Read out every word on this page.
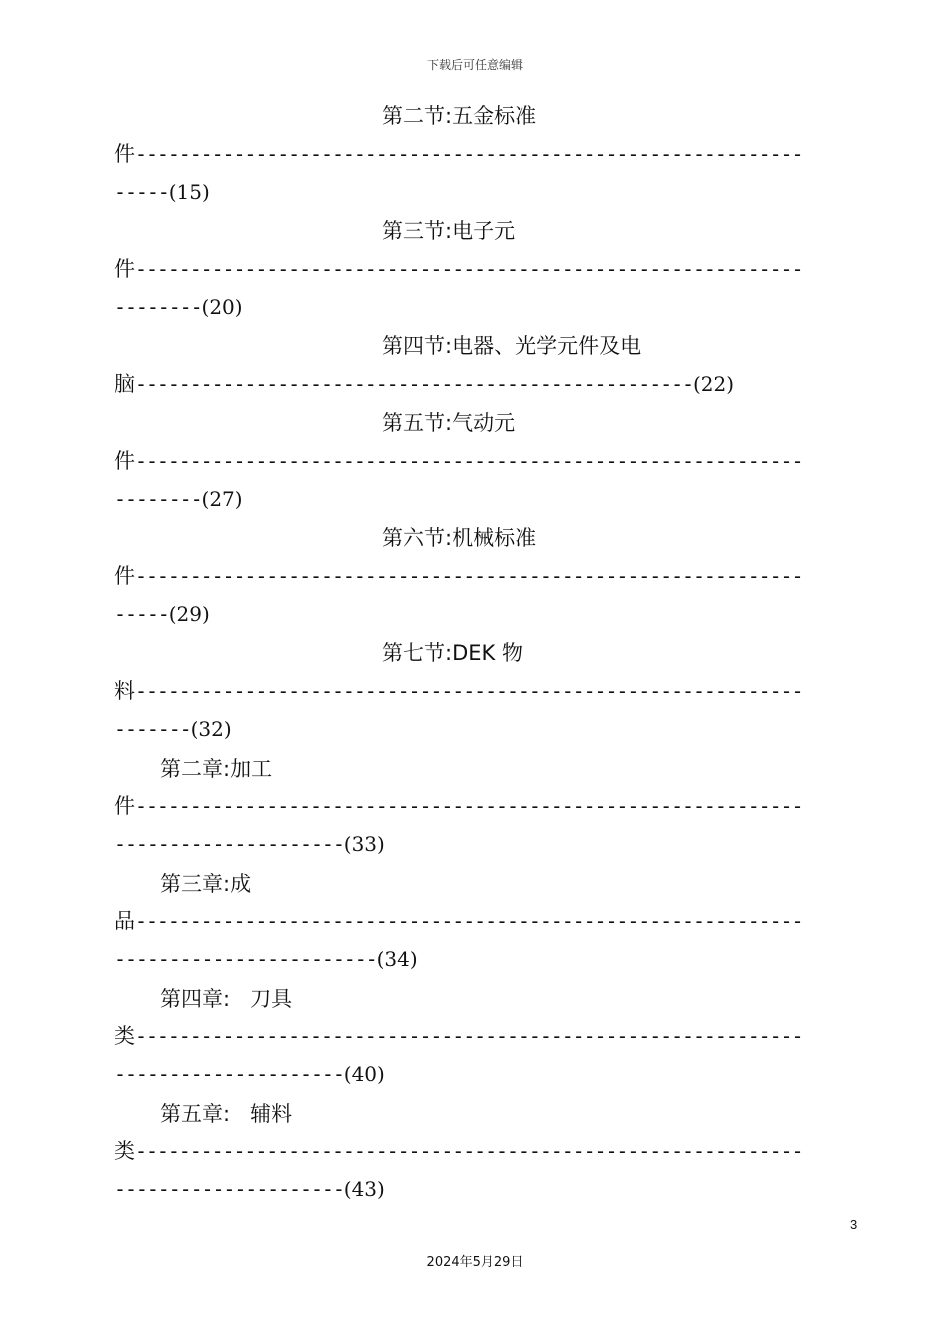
下载后可任意编辑
第二节:五金标准
件-------------------------------------------------------------
-----(15)
第三节:电子元
件-------------------------------------------------------------
--------(20)
第四节:电器、光学元件及电
脑---------------------------------------------------(22)
第五节:气动元
件-------------------------------------------------------------
--------(27)
第六节:机械标准
件-------------------------------------------------------------
-----(29)
第七节:DEK 物
料-------------------------------------------------------------
-------(32)
第二章:加工
件-------------------------------------------------------------
---------------------(33)
第三章:成
品-------------------------------------------------------------
------------------------(34)
第四章:   刀具
类-------------------------------------------------------------
---------------------(40)
第五章:   辅料
类-------------------------------------------------------------
---------------------(43)
3
2024年5月29日
